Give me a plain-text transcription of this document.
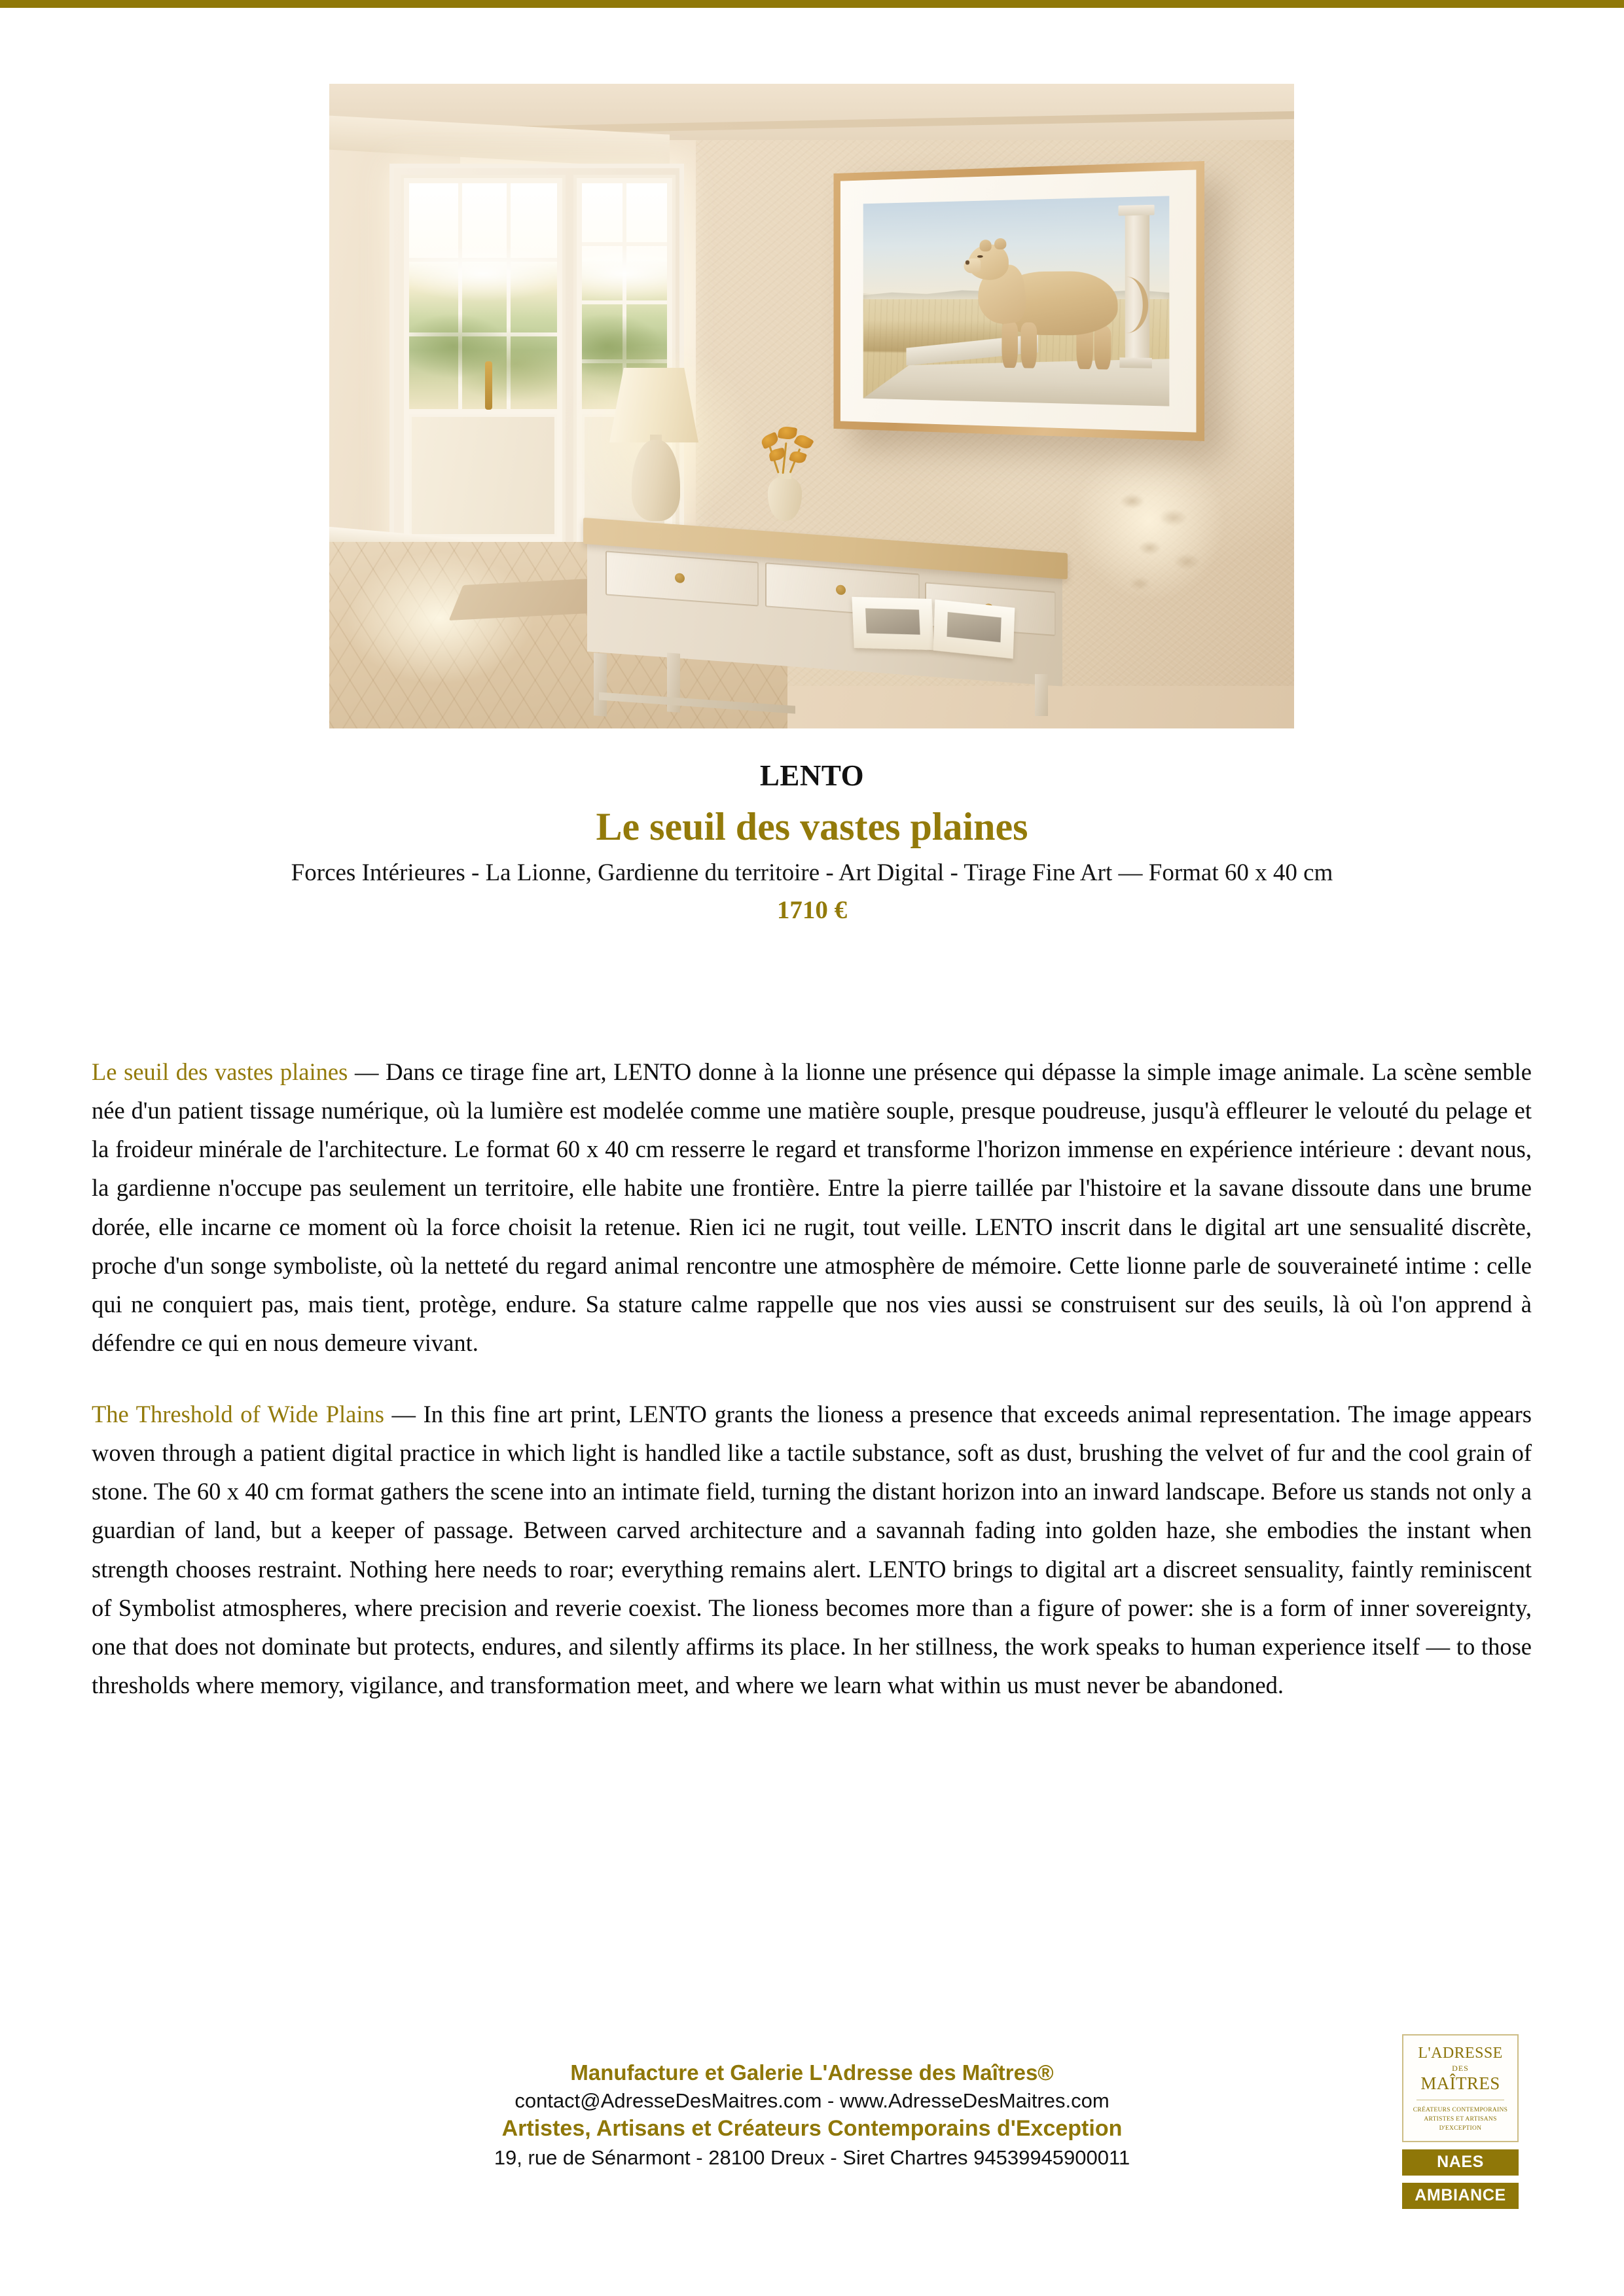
LENTO
Le seuil des vastes plaines
Forces Intérieures - La Lionne, Gardienne du territoire - Art Digital - Tirage Fine Art — Format 60 x 40 cm
1710 €

Le seuil des vastes plaines — Dans ce tirage fine art, LENTO donne à la lionne une présence qui dépasse la simple image animale. La scène semble née d'un patient tissage numérique, où la lumière est modelée comme une matière souple, presque poudreuse, jusqu'à effleurer le velouté du pelage et la froideur minérale de l'architecture. Le format 60 x 40 cm resserre le regard et transforme l'horizon immense en expérience intérieure : devant nous, la gardienne n'occupe pas seulement un territoire, elle habite une frontière. Entre la pierre taillée par l'histoire et la savane dissoute dans une brume dorée, elle incarne ce moment où la force choisit la retenue. Rien ici ne rugit, tout veille. LENTO inscrit dans le digital art une sensualité discrète, proche d'un songe symboliste, où la netteté du regard animal rencontre une atmosphère de mémoire. Cette lionne parle de souveraineté intime : celle qui ne conquiert pas, mais tient, protège, endure. Sa stature calme rappelle que nos vies aussi se construisent sur des seuils, là où l'on apprend à défendre ce qui en nous demeure vivant.

The Threshold of Wide Plains — In this fine art print, LENTO grants the lioness a presence that exceeds animal representation. The image appears woven through a patient digital practice in which light is handled like a tactile substance, soft as dust, brushing the velvet of fur and the cool grain of stone. The 60 x 40 cm format gathers the scene into an intimate field, turning the distant horizon into an inward landscape. Before us stands not only a guardian of land, but a keeper of passage. Between carved architecture and a savannah fading into golden haze, she embodies the instant when strength chooses restraint. Nothing here needs to roar; everything remains alert. LENTO brings to digital art a discreet sensuality, faintly reminiscent of Symbolist atmospheres, where precision and reverie coexist. The lioness becomes more than a figure of power: she is a form of inner sovereignty, one that does not dominate but protects, endures, and silently affirms its place. In her stillness, the work speaks to human experience itself — to those thresholds where memory, vigilance, and transformation meet, and where we learn what within us must never be abandoned.

Manufacture et Galerie L'Adresse des Maîtres®
contact@AdresseDesMaitres.com - www.AdresseDesMaitres.com
Artistes, Artisans et Créateurs Contemporains d'Exception
19, rue de Sénarmont - 28100 Dreux - Siret Chartres 94539945900011
L'ADRESSE
DES
MAÎTRES
CRÉATEURS CONTEMPORAINS
ARTISTES ET ARTISANS
D'EXCEPTION
NAES
AMBIANCE
